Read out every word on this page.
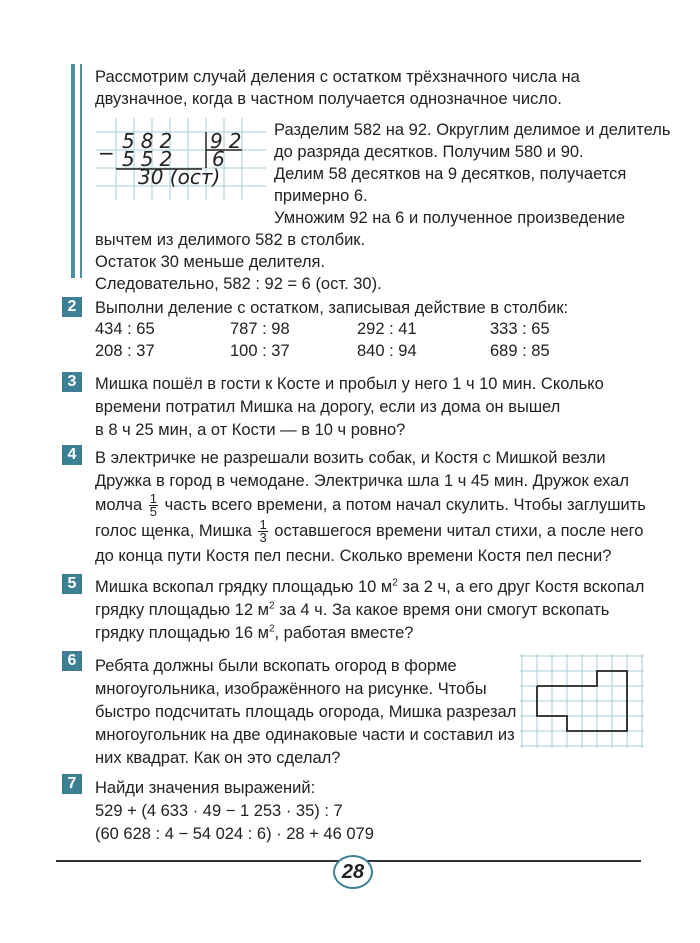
Рассмотрим случай деления с остатком трёхзначного числа на
двузначное, когда в частном получается однозначное число.
− 582 92
552 6
30 (ост)
Разделим 582 на 92. Округлим делимое и делитель
до разряда десятков. Получим 580 и 90.
Делим 58 десятков на 9 десятков, получается
примерно 6.
Умножим 92 на 6 и полученное произведение
вычтем из делимого 582 в столбик.
Остаток 30 меньше делителя.
Следовательно, 582 : 92 = 6 (ост. 30).
2	Выполни деление с остатком, записывая действие в столбик:
434 : 65	787 : 98	292 : 41	333 : 65
208 : 37	100 : 37	840 : 94	689 : 85
3	Мишка пошёл в гости к Косте и пробыл у него 1 ч 10 мин. Сколько
времени потратил Мишка на дорогу, если из дома он вышел
в 8 ч 25 мин, а от Кости — в 10 ч ровно?
4	В электричке не разрешали возить собак, и Костя с Мишкой везли
Дружка в город в чемодане. Электричка шла 1 ч 45 мин. Дружок ехал
молча $\frac{1}{5}$ часть всего времени, а потом начал скулить. Чтобы заглушить
голос щенка, Мишка $\frac{1}{3}$ оставшегося времени читал стихи, а после него
до конца пути Костя пел песни. Сколько времени Костя пел песни?
5	Мишка вскопал грядку площадью 10 $м^2$ за 2 ч, а его друг Костя вскопал
грядку площадью 12 $м^2$ за 4 ч. За какое время они смогут вскопать
грядку площадью 16 $м^2$, работая вместе?
6	Ребята должны были вскопать огород в форме
многоугольника, изображённого на рисунке. Чтобы
быстро подсчитать площадь огорода, Мишка разрезал
многоугольник на две одинаковые части и составил из
них квадрат. Как он это сделал?
7	Найди значения выражений:
529 + (4 633 · 49 − 1 253 · 35) : 7
(60 628 : 4 − 54 024 : 6) · 28 + 46 079
28
